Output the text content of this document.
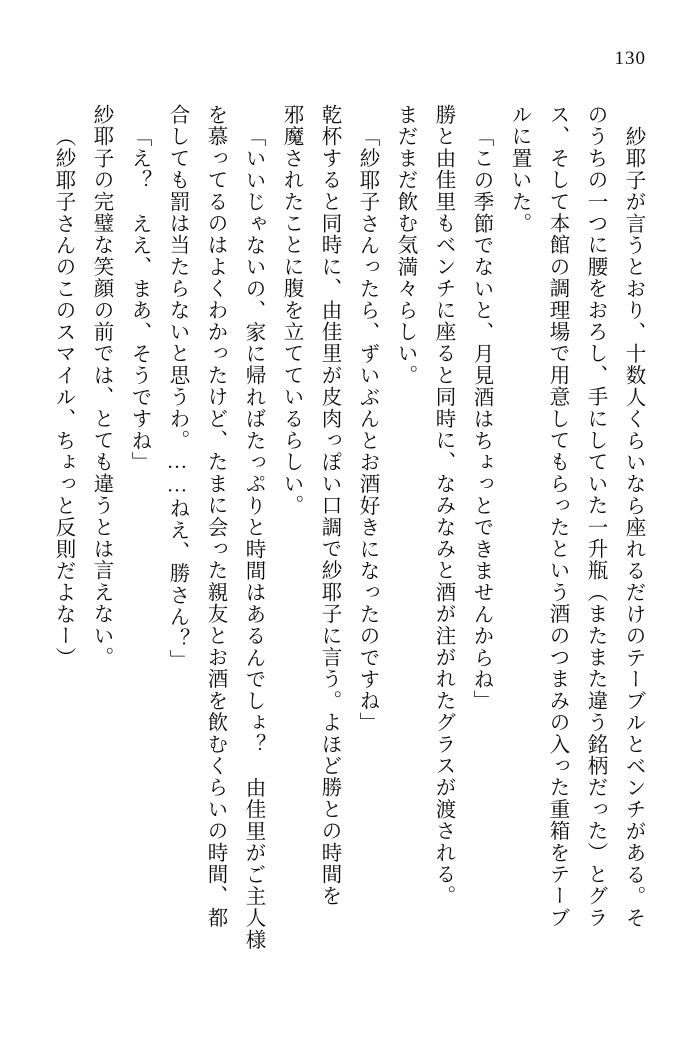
130
紗耶子が言うとおり、十数人くらいなら座れるだけのテーブルとベンチがある。そ
のうちの一つに腰をおろし、手にしていた一升瓶（またまた違う銘柄だった）とグラ
ス、そして本館の調理場で用意してもらったという酒のつまみの入った重箱をテーブ
ルに置いた。
「この季節でないと、月見酒はちょっとできませんからね」
勝と由佳里もベンチに座ると同時に、なみなみと酒が注がれたグラスが渡される。
まだまだ飲む気満々らしい。
「紗耶子さんったら、ずいぶんとお酒好きになったのですね」
乾杯すると同時に、由佳里が皮肉っぽい口調で紗耶子に言う。よほど勝との時間を
邪魔されたことに腹を立てているらしい。
「いいじゃないの、家に帰ればたっぷりと時間はあるんでしょ？　由佳里がご主人様
を慕ってるのはよくわかったけど、たまに会った親友とお酒を飲むくらいの時間、都
合しても罰は当たらないと思うわ。……ねえ、勝さん？」
「え？　ええ、まあ、そうですね」
紗耶子の完璧な笑顔の前では、とても違うとは言えない。
（紗耶子さんのこのスマイル、ちょっと反則だよなー）
